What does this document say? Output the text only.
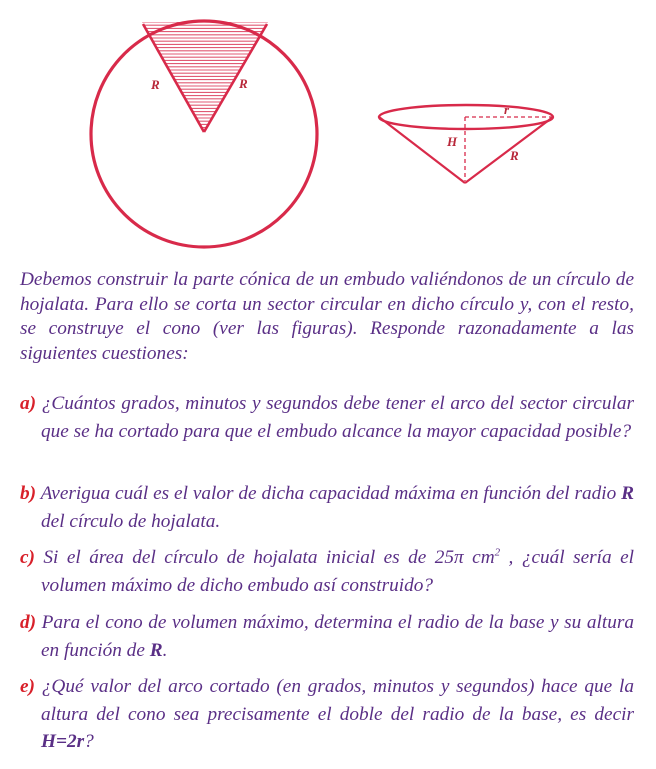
R	R
r
H
R

Debemos construir la parte cónica de un embudo valiéndonos de un círculo de hojalata. Para ello se corta un sector circular en dicho círculo y, con el resto, se construye el cono (ver las figuras). Responde razonadamente a las siguientes cuestiones:

a) ¿Cuántos grados, minutos y segundos debe tener el arco del sector circular que se ha cortado para que el embudo alcance la mayor capacidad posible?

b) Averigua cuál es el valor de dicha capacidad máxima en función del radio R del círculo de hojalata.

c) Si el área del círculo de hojalata inicial es de 25π $cm^2$ , ¿cuál sería el volumen máximo de dicho embudo así construido?

d) Para el cono de volumen máximo, determina el radio de la base y su altura en función de R.

e) ¿Qué valor del arco cortado (en grados, minutos y segundos) hace que la altura del cono sea precisamente el doble del radio de la base, es decir H=2r?
